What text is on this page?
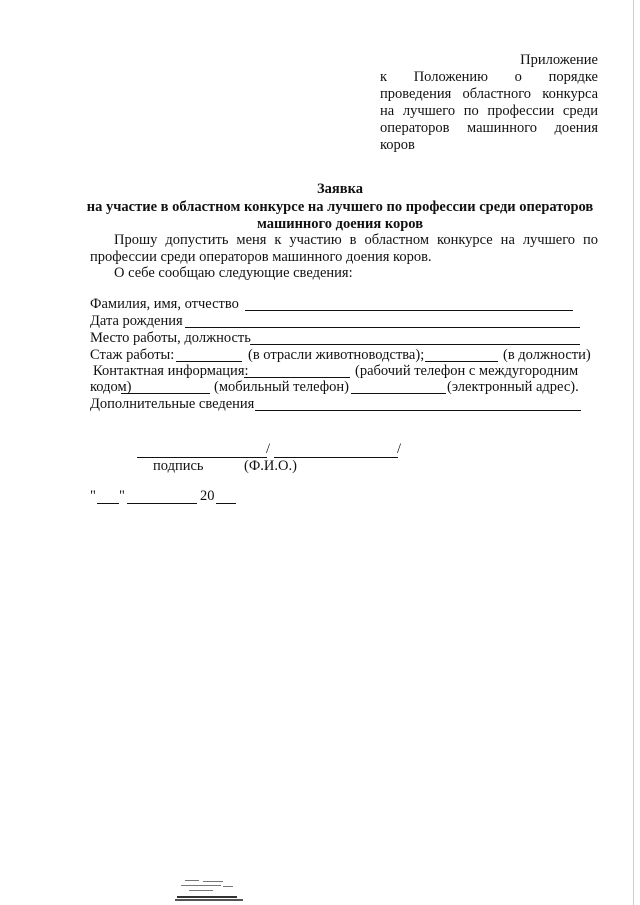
Приложение
к Положению о порядке проведения областного конкурса на лучшего по профессии среди операторов машинного доения коров
Заявка
на участие в областном конкурсе на лучшего по профессии среди операторов
машинного доения коров
Прошу допустить меня к участию в областном конкурсе на лучшего по профессии среди операторов машинного доения коров.
О себе сообщаю следующие сведения:
Фамилия, имя, отчество
Дата рождения
Место работы, должность
Стаж работы:	(в отрасли животноводства);	(в должности)
Контактная информация:	(рабочий телефон с междугородним
кодом)	(мобильный телефон)	(электронный адрес).
Дополнительные сведения
/	/
подпись	(Ф.И.О.)
" "	20
